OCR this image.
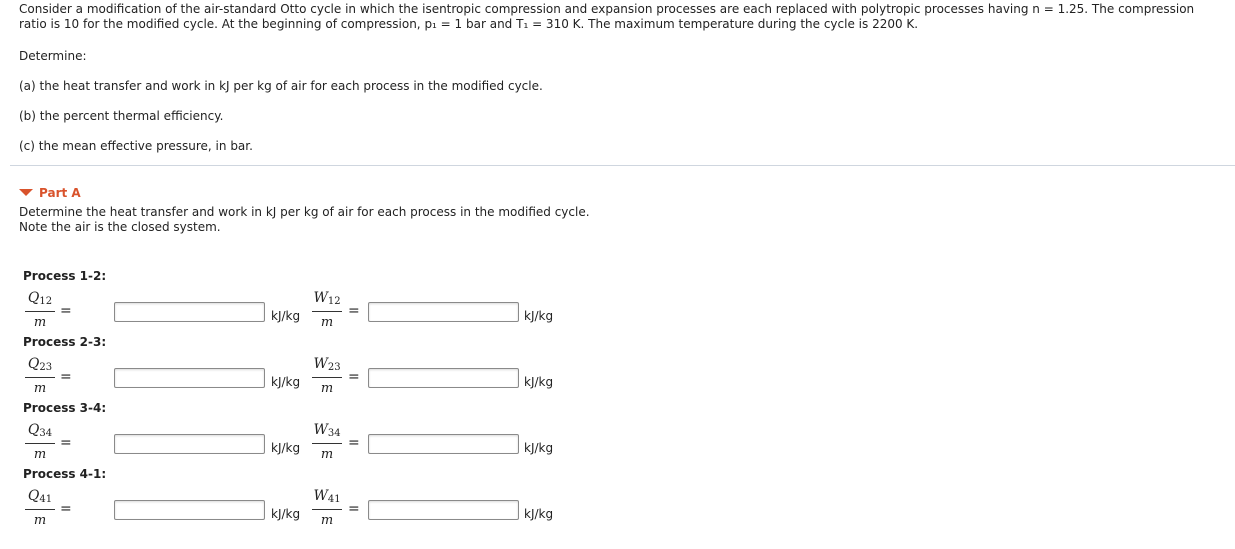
Consider a modification of the air-standard Otto cycle in which the isentropic compression and expansion processes are each replaced with polytropic processes having n = 1.25. The compression

ratio is 10 for the modified cycle. At the beginning of compression, p₁ = 1 bar and T₁ = 310 K. The maximum temperature during the cycle is 2200 K.

Determine:

(a) the heat transfer and work in kJ per kg of air for each process in the modified cycle.

(b) the percent thermal efficiency.

(c) the mean effective pressure, in bar.

Part A

Determine the heat transfer and work in kJ per kg of air for each process in the modified cycle.

Note the air is the closed system.

Process 1-2:

$\frac{Q_{12}}{m}$ =	$kJ/kg \frac{W_{12}}{m}$ =	kJ/kg

Process 2-3:

$\frac{Q_{23}}{m}$ =	$kJ/kg \frac{W_{23}}{m}$ =	kJ/kg

Process 3-4:

$\frac{Q_{34}}{m}$ =	$kJ/kg \frac{W_{34}}{m}$ =	kJ/kg

Process 4-1:

$\frac{Q_{41}}{m}$ =	$kJ/kg \frac{W_{41}}{m}$ =	kJ/kg
